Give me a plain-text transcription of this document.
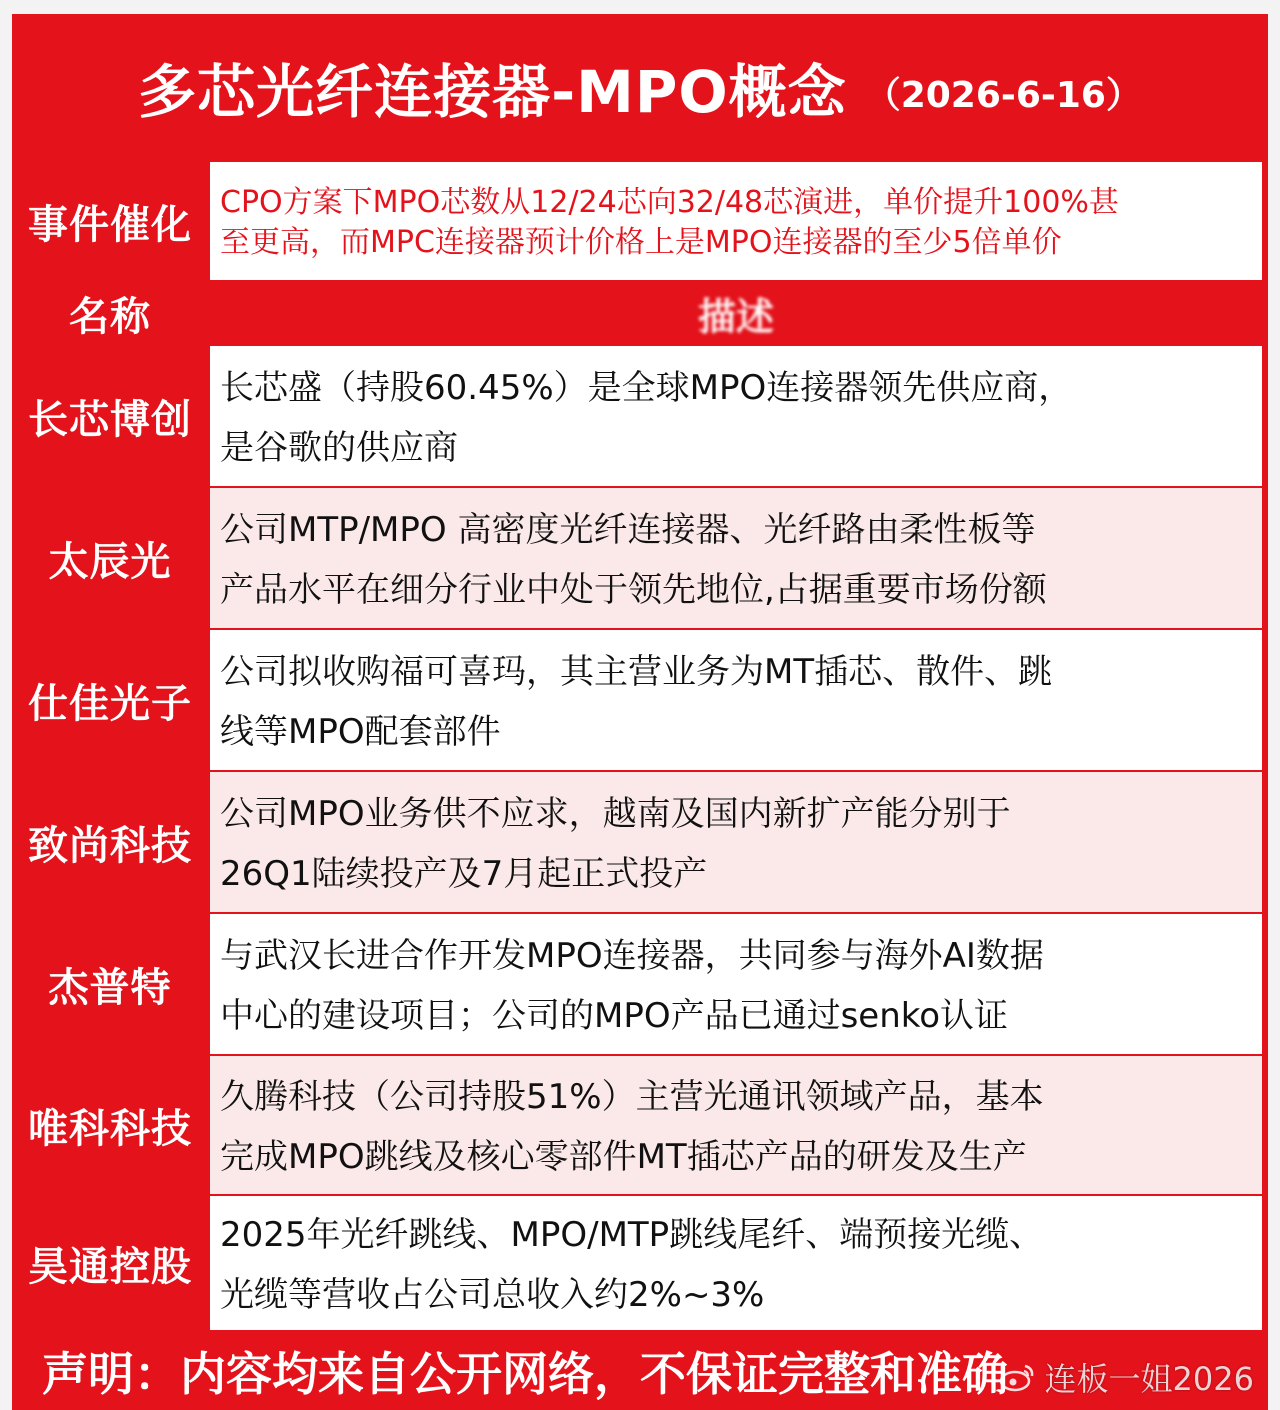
多芯光纤连接器-MPO概念 （2026-6-16）
事件催化 CPO方案下MPO芯数从12/24芯向32/48芯演进，单价提升100%甚
至更高，而MPC连接器预计价格上是MPO连接器的至少5倍单价
名称	描述
长芯博创
长芯盛（持股60.45%）是全球MPO连接器领先供应商，
是谷歌的供应商
太辰光
公司MTP/MPO 高密度光纤连接器、光纤路由柔性板等
产品水平在细分行业中处于领先地位,占据重要市场份额
仕佳光子
公司拟收购福可喜玛，其主营业务为MT插芯、散件、跳
线等MPO配套部件
致尚科技
公司MPO业务供不应求，越南及国内新扩产能分别于
26Q1陆续投产及7月起正式投产
杰普特
与武汉长进合作开发MPO连接器，共同参与海外AI数据
中心的建设项目；公司的MPO产品已通过senko认证
唯科科技
久腾科技（公司持股51%）主营光通讯领域产品，基本
完成MPO跳线及核心零部件MT插芯产品的研发及生产
昊通控股
2025年光纤跳线、MPO/MTP跳线尾纤、端预接光缆、
光缆等营收占公司总收入约2%~3%
声明：内容均来自公开网络，不保证完整和准确	连板一姐2026
